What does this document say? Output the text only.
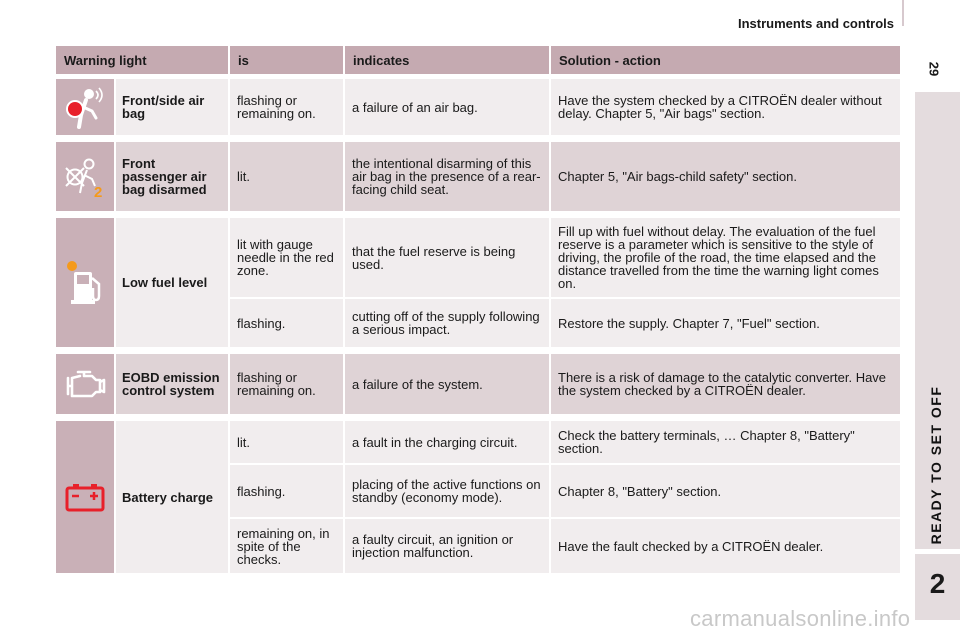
Instruments and controls
29
READY TO SET OFF
2
carmanualsonline.info
Warning light		is	indicates	Solution - action

	Front/side air bag	flashing or remaining on.	a failure of an air bag.	Have the system checked by a CITROËN dealer without delay. Chapter 5, "Air bags" section.

2	Front passenger air bag disarmed	lit.	the intentional disarming of this air bag in the presence of a rear-facing child seat.	Chapter 5, "Air bags-child safety" section.

	Low fuel level	lit with gauge needle in the red zone.	that the fuel reserve is being used.	Fill up with fuel without delay. The evaluation of the fuel reserve is a parameter which is sensitive to the style of driving, the profile of the road, the time elapsed and the distance travelled from the time the warning light comes on.
		flashing.	cutting off of the supply following a serious impact.	Restore the supply. Chapter 7, "Fuel" section.

	EOBD emission control system	flashing or remaining on.	a failure of the system.	There is a risk of damage to the catalytic converter. Have the system checked by a CITROËN dealer.

	Battery charge	lit.	a fault in the charging circuit.	Check the battery terminals, … Chapter 8, "Battery" section.
		flashing.	placing of the active functions on standby (economy mode).	Chapter 8, "Battery" section.
		remaining on, in spite of the checks.	a faulty circuit, an ignition or injection malfunction.	Have the fault checked by a CITROËN dealer.
